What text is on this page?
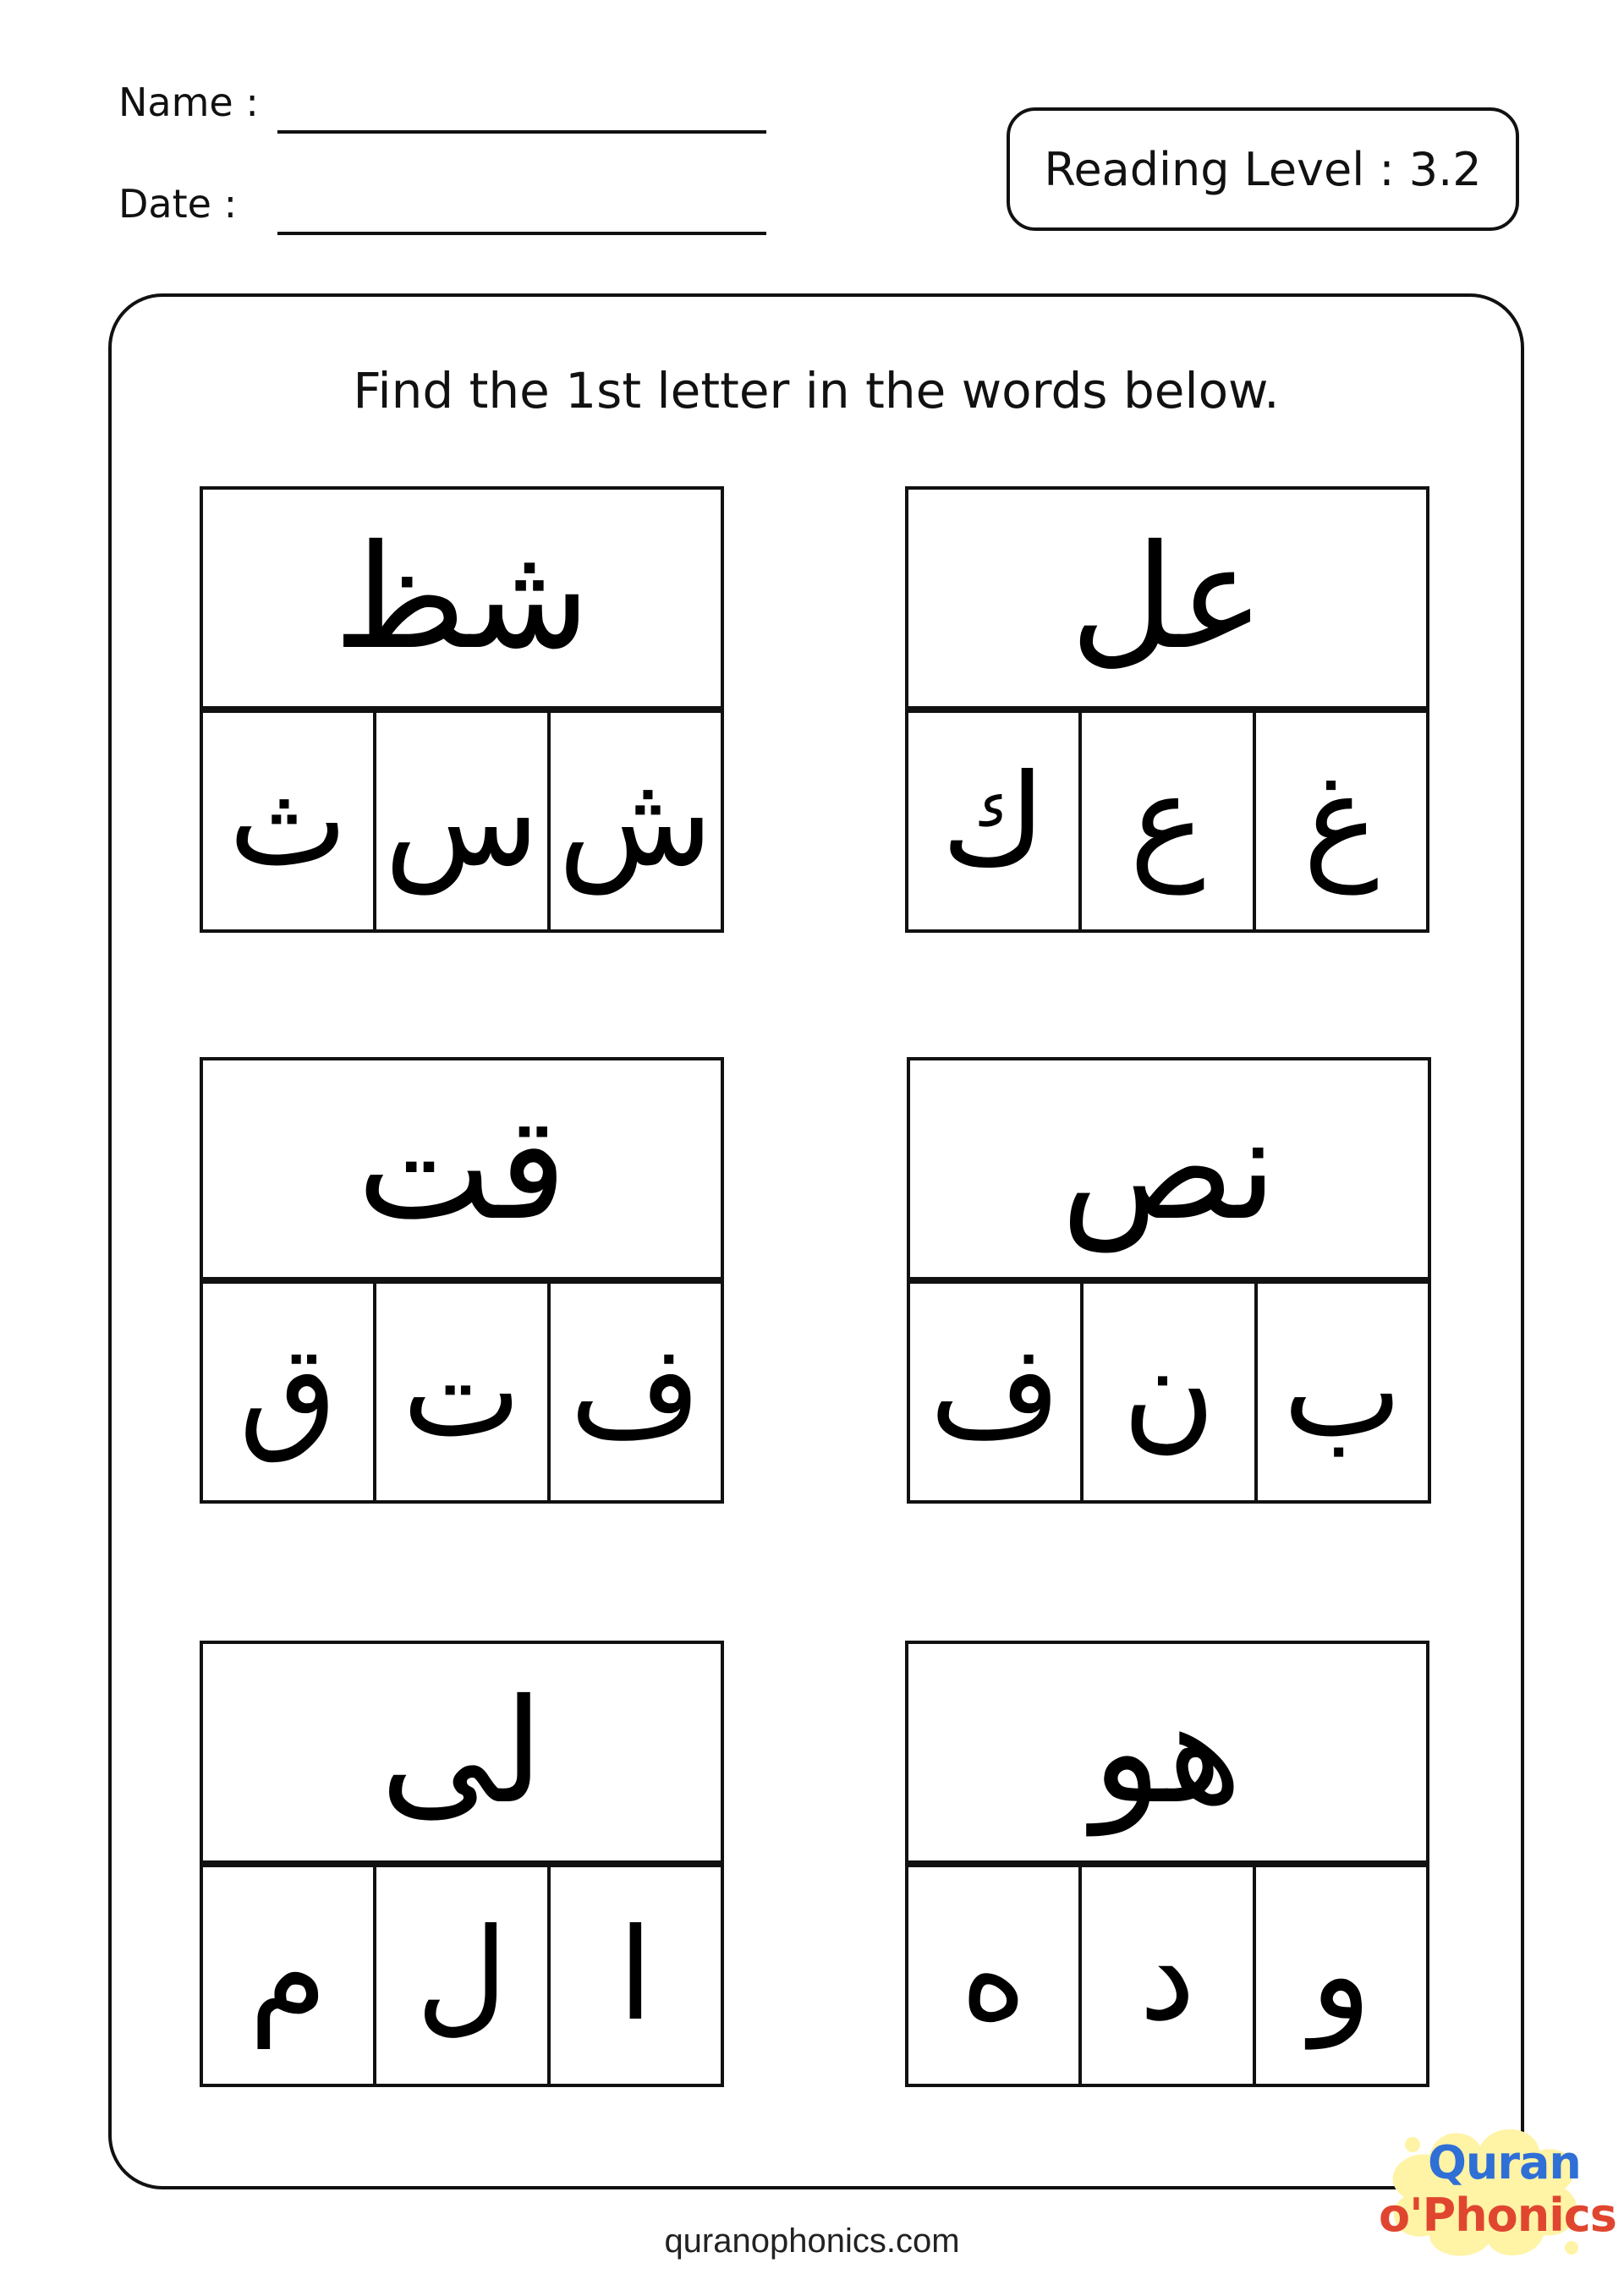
Name :
Date :
Reading Level : 3.2
Find the 1st letter in the words below.
شظ
ث س ش
عل
ك ع غ
قت
ق ت ف
نص
ف ن ب
لى
م ل ا
هو
ه د و
quranophonics.com
Quran
o'Phonics
